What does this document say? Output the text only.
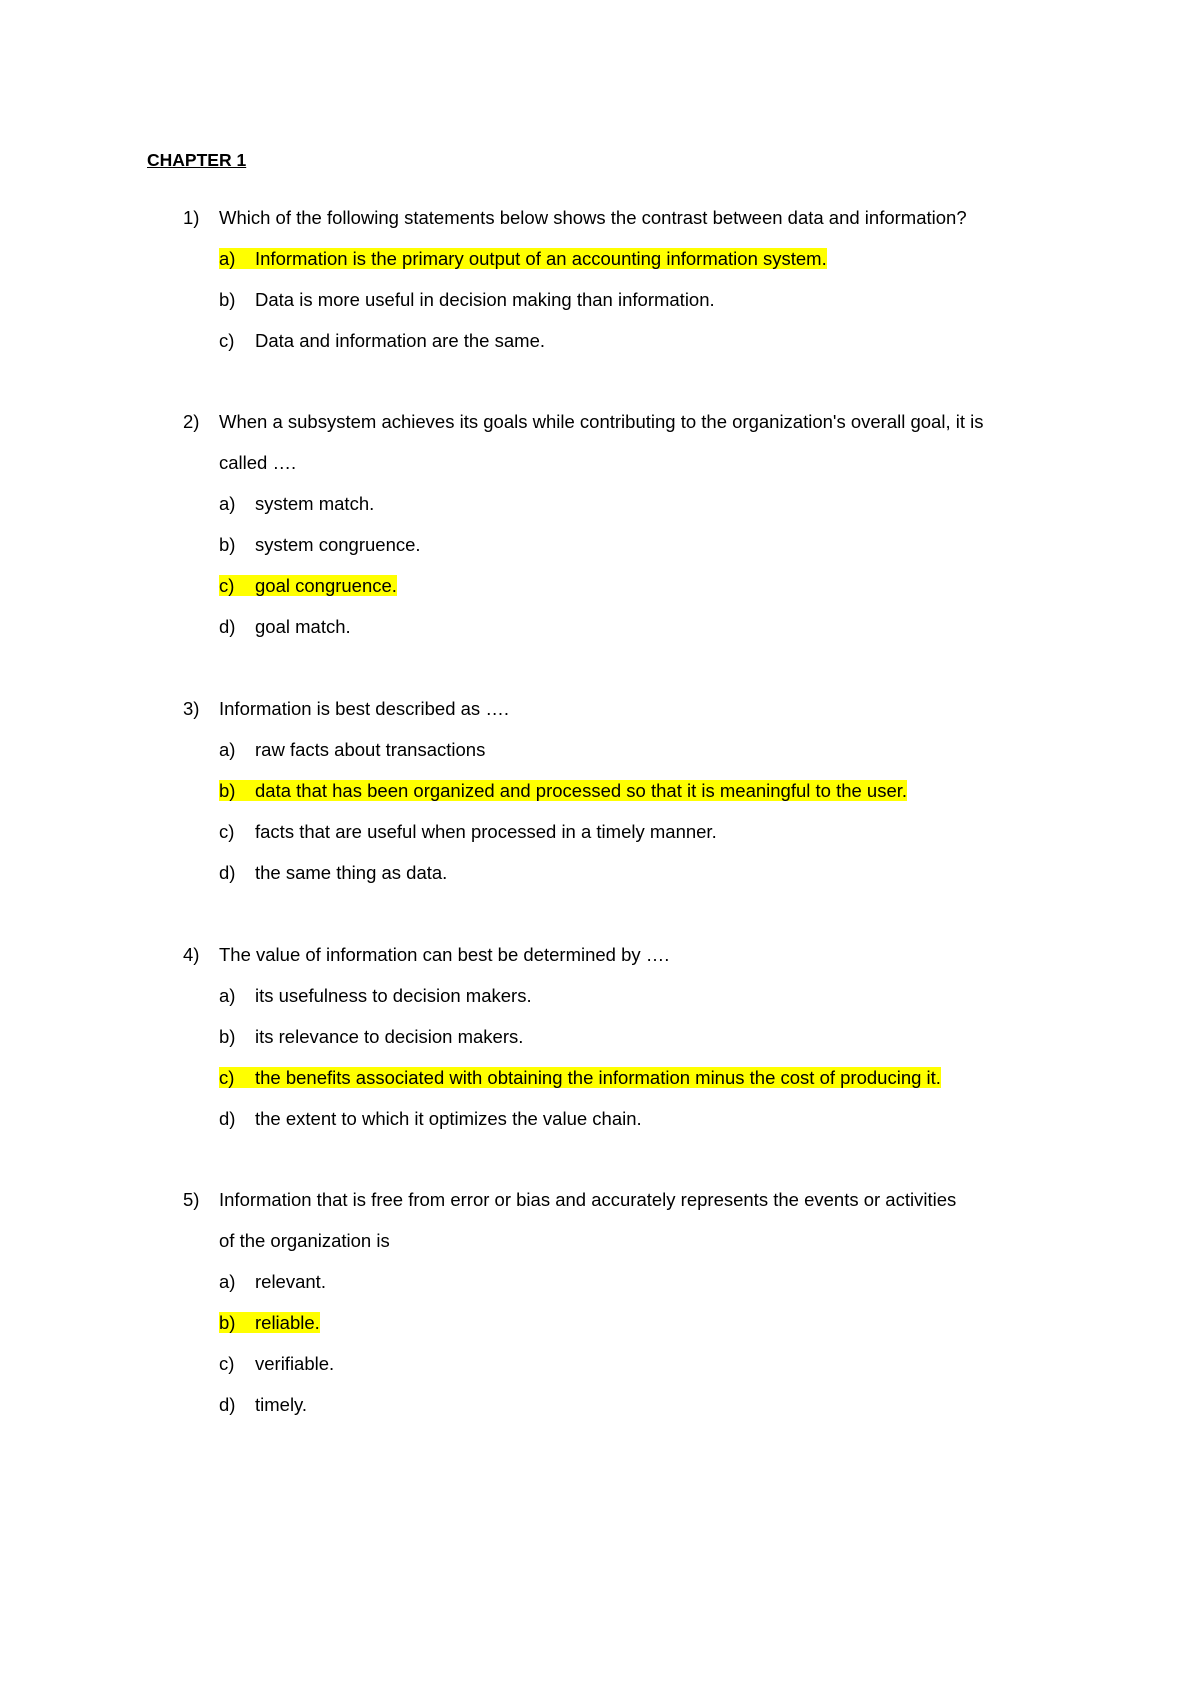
CHAPTER 1
1) Which of the following statements below shows the contrast between data and information?
a) Information is the primary output of an accounting information system.
b) Data is more useful in decision making than information.
c) Data and information are the same.
2) When a subsystem achieves its goals while contributing to the organization's overall goal, it is
called ….
a) system match.
b) system congruence.
c) goal congruence.
d) goal match.
3) Information is best described as ….
a) raw facts about transactions
b) data that has been organized and processed so that it is meaningful to the user.
c) facts that are useful when processed in a timely manner.
d) the same thing as data.
4) The value of information can best be determined by ….
a) its usefulness to decision makers.
b) its relevance to decision makers.
c) the benefits associated with obtaining the information minus the cost of producing it.
d) the extent to which it optimizes the value chain.
5) Information that is free from error or bias and accurately represents the events or activities
of the organization is
a) relevant.
b) reliable.
c) verifiable.
d) timely.
